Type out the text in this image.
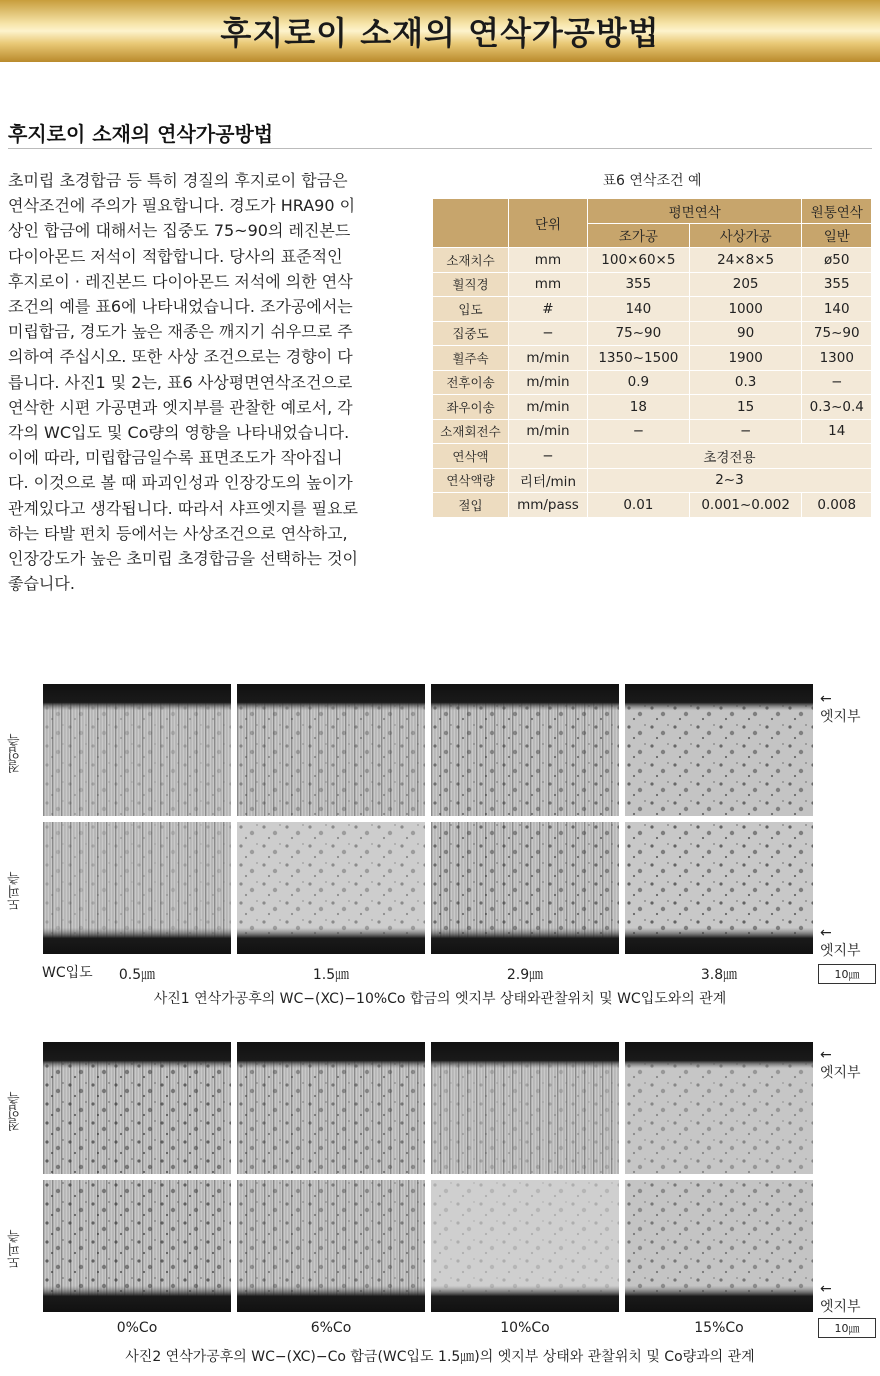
후지로이 소재의 연삭가공방법
후지로이 소재의 연삭가공방법
초미립 초경합금 등 특히 경질의 후지로이 합금은
연삭조건에 주의가 필요합니다. 경도가 HRA90 이
상인 합금에 대해서는 집중도 75~90의 레진본드
다이아몬드 저석이 적합합니다. 당사의 표준적인
후지로이 · 레진본드 다이아몬드 저석에 의한 연삭
조건의 예를 표6에 나타내었습니다. 조가공에서는
미립합금, 경도가 높은 재종은 깨지기 쉬우므로 주
의하여 주십시오. 또한 사상 조건으로는 경향이 다
릅니다. 사진1 및 2는, 표6 사상평면연삭조건으로
연삭한 시편 가공면과 엣지부를 관찰한 예로서, 각
각의 WC입도 및 Co량의 영향을 나타내었습니다.
이에 따라, 미립합금일수록 표면조도가 작아집니
다. 이것으로 볼 때 파괴인성과 인장강도의 높이가
관계있다고 생각됩니다. 따라서 샤프엣지를 필요로
하는 타발 펀치 등에서는 사상조건으로 연삭하고,
인장강도가 높은 초미립 초경합금을 선택하는 것이
좋습니다.
표6 연삭조건 예
	단위	평면연삭		원통연삭
		조가공	사상가공	일반
소재치수	mm	100×60×5	24×8×5	ø50
휠직경	mm	355	205	355
입도	#	140	1000	140
집중도	−	75~90	90	75~90
휠주속	m/min	1350~1500	1900	1300
전후이송	m/min	0.9	0.3	−
좌우이송	m/min	18	15	0.3~0.4
소재회전수	m/min	−	−	14
연삭액	−	초경전용		
연삭액량	리터/min	2~3		
절입	mm/pass	0.01	0.001~0.002	0.008
절입측
도피측
←
엣지부
←
엣지부
WC입도	0.5㎛	1.5㎛	2.9㎛	3.8㎛	10㎛
사진1 연삭가공후의 WC−(XC)−10%Co 합금의 엣지부 상태와관찰위치 및 WC입도와의 관계
절입측
도피측
←
엣지부
←
엣지부
0%Co	6%Co	10%Co	15%Co	10㎛
사진2 연삭가공후의 WC−(XC)−Co 합금(WC입도 1.5㎛)의 엣지부 상태와 관찰위치 및 Co량과의 관계
